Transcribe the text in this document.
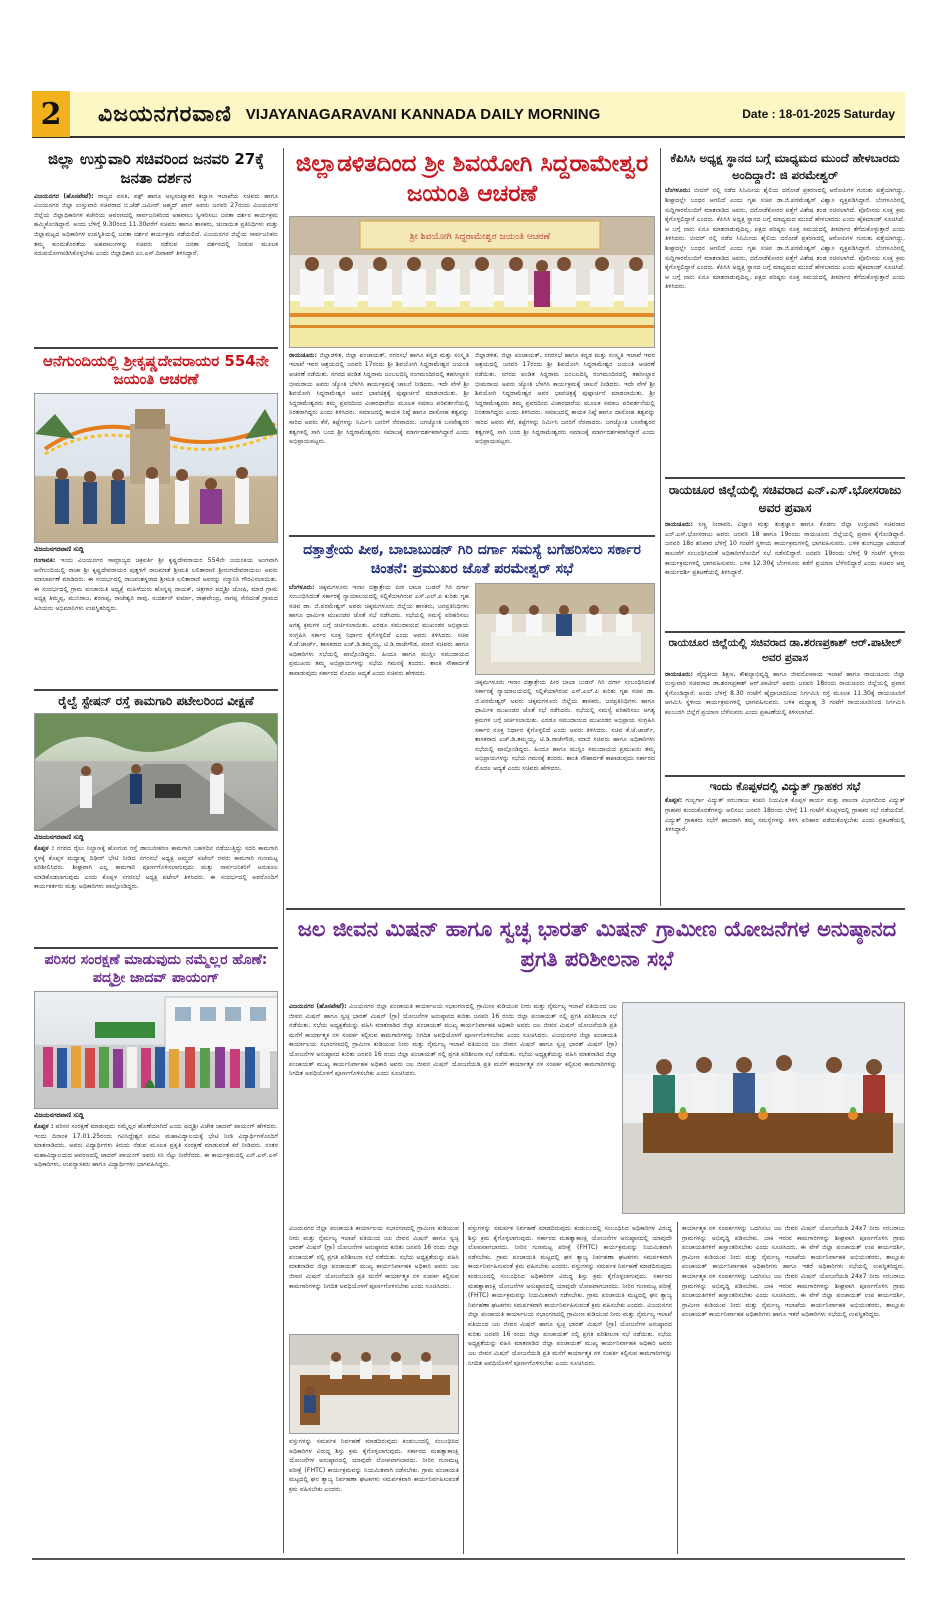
2	ವಿಜಯನಗರವಾಣಿ VIJAYANAGARAVANI KANNADA DAILY MORNING	Date : 18-01-2025 Saturday
ಜಿಲ್ಲಾ ಉಸ್ತುವಾರಿ ಸಚಿವರಿಂದ ಜನವರಿ 27ಕ್ಕೆ ಜನತಾ ದರ್ಶನ
ವಿಜಯನಗರ (ಹೊಸಪೇಟೆ): ರಾಜ್ಯದ ವಸತಿ, ವಕ್ಫ್ ಹಾಗೂ ಅಲ್ಪಸಂಖ್ಯಾತರ ಕಲ್ಯಾಣ ಇಲಾಖೆಯ ಸಚಿವರು ಹಾಗೂ ವಿಜಯನಗರ ಜಿಲ್ಲಾ ಉಸ್ತುವಾರಿ ಸಚಿವರಾದ ಬಿ.ಜೆಡ್.ಜಮೀರ್ ಅಹ್ಮದ್ ಖಾನ್ ಅವರು ಜನವರಿ 27ರಂದು ವಿಜಯನಗರ ಜಿಲ್ಲೆಯ ಜಿಲ್ಲಾಧಿಕಾರಿಗಳ ಕಚೇರಿಯ ಆವರಣದಲ್ಲಿ ಸಾರ್ವಜನಿಕರಿಂದ ಅಹವಾಲು ಸ್ವೀಕರಿಸಲು ಜನತಾ ದರ್ಶನ ಕಾರ್ಯಕ್ರಮ ಹಮ್ಮಿಕೊಂಡಿದ್ದಾರೆ. ಅಂದು ಬೆಳಿಗ್ಗೆ 9.30ರಿಂದ 11.30ವರೆಗೆ ಸಚಿವರು ಹಾಗೂ ಶಾಸಕರು, ಚುನಾಯಿತ ಪ್ರತಿನಿಧಿಗಳು ಮತ್ತು ಜಿಲ್ಲಾಮಟ್ಟದ ಅಧಿಕಾರಿಗಳ ಉಪಸ್ಥಿತಿಯಲ್ಲಿ ಜನತಾ ದರ್ಶನ ಕಾರ್ಯಕ್ರಮ ನಡೆಯಲಿದೆ. ವಿಜಯನಗರ ಜಿಲ್ಲೆಯ ಸಾರ್ವಜನಿಕರು ತಮ್ಮ ಕುಂದುಕೊರತೆಯ ಅಹವಾಲುಗಳನ್ನು ಸಚಿವರು ನಡೆಸುವ ಜನತಾ ದರ್ಶನದಲ್ಲಿ ನೀಡುವ ಮೂಲಕ ಸದುಪಯೋಗಪಡಿಸಿಕೊಳ್ಳಬೇಕು ಎಂದು ಜಿಲ್ಲಾಧಿಕಾರಿ ಎಂ.ಎಸ್.ದಿವಾಕರ್ ತಿಳಿಸಿದ್ದಾರೆ.
ಆನೆಗುಂದಿಯಲ್ಲಿ ಶ್ರೀಕೃಷ್ಣದೇವರಾಯರ 554ನೇ ಜಯಂತಿ ಆಚರಣೆ
ವಿಜಯನಗರವಾಣಿ ಸುದ್ದಿ
ಗಂಗಾವತಿ: ಇಂದು ವಿಜಯನಗರ ಸಾಮ್ರಾಜ್ಯದ ಚಕ್ರವರ್ತಿ ಶ್ರೀ ಕೃಷ್ಣದೇವರಾಯರ 554ನೇ ಜಯಂತಿಯ ಅಂಗವಾಗಿ ಆನೆಗುಂದಿಯಲ್ಲಿ ರಾಜಾ ಶ್ರೀ ಕೃಷ್ಣದೇವರಾಯರ ಪುತ್ಥಳಿಗೆ ರಾಜಮಾತೆ ಶ್ರೀಮತಿ ಲಲಿತಾರಾಣಿ ಶ್ರೀರಂಗದೇವರಾಯಲು ಅವರು ಮಾಲಾರ್ಪಣೆ ಮಾಡಿದರು. ಈ ಸಂದರ್ಭದಲ್ಲಿ ರಾಜವಂಶಸ್ಥರಾದ ಶ್ರೀಮತಿ ಲಲಿತಾರಾಣಿ ಅವರನ್ನು ಸನ್ಮಾನಿಸಿ ಗೌರವಿಸಲಾಯಿತು. ಈ ಸಂದರ್ಭದಲ್ಲಿ ಗ್ರಾಮ ಪಂಚಾಯಿತಿ ಅಧ್ಯಕ್ಷೆ ಮಹಿಳೆಯರು ಹೊನ್ನಪ್ಪ ನಾಯಕ್, ಚಿತ್ರಗಾರ ಪದ್ಮಶ್ರೀ ಜೋಷಿ, ಮಾಜಿ ಗ್ರಾಮ ಅಧ್ಯಕ್ಷ ತಿಮ್ಮಪ್ಪ, ಮುನಿರಾಜ, ಶರಣಪ್ಪ, ರಾಜೇಶ್ವರಿ ರಾವು, ಸುದರ್ಶನ್ ವರ್ಮಾ, ರಾಘವೇಂದ್ರ, ನಾಗಪ್ಪ ಸೇರಿದಂತೆ ಗ್ರಾಮದ ಹಿರಿಯರು ಅಭಿಮಾನಿಗಳು ಉಪಸ್ಥಿತರಿದ್ದರು.
ರೈಲ್ವೆ ಸ್ಟೇಷನ್ ರಸ್ತೆ ಕಾಮಗಾರಿ ಪಟೇಲರಿಂದ ವೀಕ್ಷಣೆ
ವಿಜಯನಗರವಾಣಿ ಸುದ್ದಿ
ಕೊಪ್ಪಳ : ನಗರದ ರೈಲು ನಿಲ್ದಾಣಕ್ಕೆ ಹೋಗುವ ರಸ್ತೆ ಡಾಂಬರೀಕರಣ ಕಾಮಗಾರಿ ಬಹಳದಿನ ನಡೆಯುತ್ತಿದ್ದು ಸದರಿ ಕಾಮಗಾರಿ ಸ್ಥಳಕ್ಕೆ ಕೊಪ್ಪಳ ಮಧ್ಯಾಹ್ನ ದಿಢೀರ್ ಭೇಟಿ ನೀಡಿದ ನಗರಸಭೆ ಅಧ್ಯಕ್ಷ ಅಮ್ಜದ್ ಪಟೇಲ್ ರವರು ಕಾಮಗಾರಿ ಗುಣಮಟ್ಟ ಪರಿಶೀಲಿಸಿದರು. ಶೀಘ್ರವಾಗಿ ಎಲ್ಲ ಕಾಮಗಾರಿ ಪೂರ್ಣಗೊಳಿಸಲಾಗುವುದು ಮತ್ತು ಸಾರ್ವಜನಿಕರಿಗೆ ಅನುಕೂಲ ಮಾಡಿಕೊಡಲಾಗುವುದು ಎಂದು ಕೊಪ್ಪಳ ನಗರಸಭೆ ಅಧ್ಯಕ್ಷ ಪಟೇಲ್ ತಿಳಿಸಿದರು. ಈ ಸಂದರ್ಭದಲ್ಲಿ ಅವರೊಂದಿಗೆ ಕಾರ್ಯಕರ್ತರು ಮತ್ತು ಅಧಿಕಾರಿಗಳು ಪಾಲ್ಗೊಂಡಿದ್ದರು.
ಪರಿಸರ ಸಂರಕ್ಷಣೆ ಮಾಡುವುದು ನಮ್ಮೆಲ್ಲರ ಹೊಣೆ: ಪದ್ಮಶ್ರೀ ಜಾದವ್ ಪಾಯಂಗ್
ವಿಜಯನಗರವಾಣಿ ಸುದ್ದಿ
ಕೊಪ್ಪಳ : ಪರಿಸರ ಸಂರಕ್ಷಣೆ ಮಾಡುವುದು ನಮ್ಮೆಲ್ಲರ ಹೊಣೆಯಾಗಿದೆ ಎಂದು ಪದ್ಮಶ್ರೀ ವಿಜೇತ ಜಾದವ್ ಪಾಯಂಗ್ ಹೇಳಿದರು. ಇಂದು ದಿನಾಂಕ 17.01.25ರಂದು ಗವಿಸಿದ್ದೇಶ್ವರ ಪದವಿ ಮಹಾವಿದ್ಯಾಲಯಕ್ಕೆ ಭೇಟಿ ನೀಡಿ ವಿದ್ಯಾರ್ಥಿಗಳೊಂದಿಗೆ ಮಾತನಾಡಿದರು. ಅವರು ವಿದ್ಯಾರ್ಥಿಗಳು ಕಿರುದು ನೆಡುವ ಮೂಲಕ ಪ್ರಕೃತಿ ಸಂರಕ್ಷಣೆ ಮಾಡುವಂತೆ ಕರೆ ನೀಡಿದರು. ನಂತರ ಮಹಾವಿದ್ಯಾಲಯದ ಆವರಣದಲ್ಲಿ ಜಾದವ್ ಪಾಯಂಗ್ ಅವರು ಸಸಿ ನೆಟ್ಟು ನೀರೆರೆದರು. ಈ ಕಾರ್ಯಕ್ರಮದಲ್ಲಿ ಎನ್.ಎಸ್.ಎಸ್ ಅಧಿಕಾರಿಗಳು, ಉಪನ್ಯಾಸಕರು ಹಾಗೂ ವಿದ್ಯಾರ್ಥಿಗಳು ಭಾಗವಹಿಸಿದ್ದರು.
ಜಿಲ್ಲಾಡಳಿತದಿಂದ ಶ್ರೀ ಶಿವಯೋಗಿ ಸಿದ್ದರಾಮೇಶ್ವರ ಜಯಂತಿ ಆಚರಣೆ
ಶ್ರೀ ಶಿವಯೋಗಿ ಸಿದ್ಧರಾಮೇಶ್ವರ ಜಯಂತಿ ಆಚರಣೆ
ರಾಯಚೂರು: ಜಿಲ್ಲಾಡಳಿತ, ಜಿಲ್ಲಾ ಪಂಚಾಯತ್, ನಗರಸಭೆ ಹಾಗೂ ಕನ್ನಡ ಮತ್ತು ಸಂಸ್ಕೃತಿ ಇಲಾಖೆ ಇವರ ಆಶ್ರಯದಲ್ಲಿ ಜನವರಿ 17ರಂದು ಶ್ರೀ ಶಿವಯೋಗಿ ಸಿದ್ದರಾಮೇಶ್ವರ ಜಯಂತಿ ಆಚರಣೆ ನಡೆಯಿತು. ನಗರದ ಪಂಡಿತ ಸಿದ್ದರಾಮ ಜಂಬಲದಿನ್ನಿ ರಂಗಮಂದಿರದಲ್ಲಿ ತಹಸೀಲ್ದಾರ ಭೀಮರಾಯ ಅವರು ಜ್ಯೋತಿ ಬೆಳಗಿಸಿ ಕಾರ್ಯಕ್ರಮಕ್ಕೆ ಚಾಲನೆ ನೀಡಿದರು. ಇದೇ ವೇಳೆ ಶ್ರೀ ಶಿವಯೋಗಿ ಸಿದ್ದರಾಮೇಶ್ವರ ಅವರ ಭಾವಚಿತ್ರಕ್ಕೆ ಪುಷ್ಪಾರ್ಚನೆ ಮಾಡಲಾಯಿತು. ಶ್ರೀ ಸಿದ್ದರಾಮೇಶ್ವರರು ತಮ್ಮ ಪ್ರವರದಿಂದ ವಿಚಾರಧಾರೆಯ ಮೂಲಕ ಸಮಾಜ ಪರಿವರ್ತನೆಯಲ್ಲಿ ನಿರತರಾಗಿದ್ದರು ಎಂದು ತಿಳಿಸಿದರು. ಸಮಾಜದಲ್ಲಿ ಕಾಯಕ ನಿಷ್ಠೆ ಹಾಗೂ ದಾಸೋಹ ತತ್ವವನ್ನು ಸಾರಿದ ಅವರು ಕೆರೆ, ಕಟ್ಟೆಗಳನ್ನು ನಿರ್ಮಿಸಿ ಜನರಿಗೆ ನೆರವಾದರು. ಜಗಜ್ಯೋತಿ ಬಸವೇಶ್ವರರ ತತ್ವಗಳಲ್ಲಿ ಸಾಗಿ ಬಂದ ಶ್ರೀ ಸಿದ್ದರಾಮೇಶ್ವರರು ಸಮಾಜಕ್ಕೆ ಮಾರ್ಗದರ್ಶಕರಾಗಿದ್ದಾರೆ ಎಂದು ಅಭಿಪ್ರಾಯಪಟ್ಟರು.
ಜಿಲ್ಲಾಡಳಿತ, ಜಿಲ್ಲಾ ಪಂಚಾಯತ್, ನಗರಸಭೆ ಹಾಗೂ ಕನ್ನಡ ಮತ್ತು ಸಂಸ್ಕೃತಿ ಇಲಾಖೆ ಇವರ ಆಶ್ರಯದಲ್ಲಿ ಜನವರಿ 17ರಂದು ಶ್ರೀ ಶಿವಯೋಗಿ ಸಿದ್ದರಾಮೇಶ್ವರ ಜಯಂತಿ ಆಚರಣೆ ನಡೆಯಿತು. ನಗರದ ಪಂಡಿತ ಸಿದ್ದರಾಮ ಜಂಬಲದಿನ್ನಿ ರಂಗಮಂದಿರದಲ್ಲಿ ತಹಸೀಲ್ದಾರ ಭೀಮರಾಯ ಅವರು ಜ್ಯೋತಿ ಬೆಳಗಿಸಿ ಕಾರ್ಯಕ್ರಮಕ್ಕೆ ಚಾಲನೆ ನೀಡಿದರು. ಇದೇ ವೇಳೆ ಶ್ರೀ ಶಿವಯೋಗಿ ಸಿದ್ದರಾಮೇಶ್ವರ ಅವರ ಭಾವಚಿತ್ರಕ್ಕೆ ಪುಷ್ಪಾರ್ಚನೆ ಮಾಡಲಾಯಿತು. ಶ್ರೀ ಸಿದ್ದರಾಮೇಶ್ವರರು ತಮ್ಮ ಪ್ರವರದಿಂದ ವಿಚಾರಧಾರೆಯ ಮೂಲಕ ಸಮಾಜ ಪರಿವರ್ತನೆಯಲ್ಲಿ ನಿರತರಾಗಿದ್ದರು ಎಂದು ತಿಳಿಸಿದರು. ಸಮಾಜದಲ್ಲಿ ಕಾಯಕ ನಿಷ್ಠೆ ಹಾಗೂ ದಾಸೋಹ ತತ್ವವನ್ನು ಸಾರಿದ ಅವರು ಕೆರೆ, ಕಟ್ಟೆಗಳನ್ನು ನಿರ್ಮಿಸಿ ಜನರಿಗೆ ನೆರವಾದರು. ಜಗಜ್ಯೋತಿ ಬಸವೇಶ್ವರರ ತತ್ವಗಳಲ್ಲಿ ಸಾಗಿ ಬಂದ ಶ್ರೀ ಸಿದ್ದರಾಮೇಶ್ವರರು ಸಮಾಜಕ್ಕೆ ಮಾರ್ಗದರ್ಶಕರಾಗಿದ್ದಾರೆ ಎಂದು ಅಭಿಪ್ರಾಯಪಟ್ಟರು.
ದತ್ತಾತ್ರೇಯ ಪೀಠ, ಬಾಬಾಬುಡನ್ ಗಿರಿ ದರ್ಗಾ ಸಮಸ್ಯೆ ಬಗೆಹರಿಸಲು ಸರ್ಕಾರ ಚಿಂತನೆ: ಪ್ರಮುಖರ ಜೊತೆ ಪರಮೇಶ್ವರ್ ಸಭೆ
ಬೆಂಗಳೂರು: ಚಿಕ್ಕಮಗಳೂರು ಇನಾಂ ದತ್ತಾತ್ರೇಯ ಪೀಠ ಬಾಬಾ ಬುಡನ್ ಗಿರಿ ದರ್ಗಾ ಸಂಬಂಧಿಸಿದಂತೆ ಸರ್ಕಾರಕ್ಕೆ ನ್ಯಾಯಾಲಯದಲ್ಲಿ ಸಲ್ಲಿಕೆಯಾಗಿರುವ ಎಸ್.ಎಲ್.ಪಿ ಕುರಿತು ಗೃಹ ಸಚಿವ ಡಾ. ಜಿ.ಪರಮೇಶ್ವರ್ ಅವರು ಚಿಕ್ಕಮಗಳೂರು ಜಿಲ್ಲೆಯ ಶಾಸಕರು, ಜನಪ್ರತಿನಿಧಿಗಳು ಹಾಗೂ ಧಾರ್ಮಿಕ ಮುಖಂಡರ ಜೊತೆ ಸಭೆ ನಡೆಸಿದರು. ಸಭೆಯಲ್ಲಿ ಸಮಸ್ಯೆ ಪರಿಹರಿಸಲು ಅಗತ್ಯ ಕ್ರಮಗಳ ಬಗ್ಗೆ ಚರ್ಚಿಸಲಾಯಿತು. ಎರಡೂ ಸಮುದಾಯದ ಮುಖಂಡರ ಅಭಿಪ್ರಾಯ ಸಂಗ್ರಹಿಸಿ ಸರ್ಕಾರ ಸೂಕ್ತ ನಿರ್ಧಾರ ಕೈಗೊಳ್ಳಲಿದೆ ಎಂದು ಅವರು ತಿಳಿಸಿದರು. ಸಚಿವ ಕೆ.ಜೆ.ಜಾರ್ಜ್, ಶಾಸಕರಾದ ಎಚ್.ಡಿ.ತಮ್ಮಯ್ಯ, ಟಿ.ಡಿ.ರಾಜೇಗೌಡ, ಮಾಜಿ ಸಚಿವರು ಹಾಗೂ ಅಧಿಕಾರಿಗಳು ಸಭೆಯಲ್ಲಿ ಪಾಲ್ಗೊಂಡಿದ್ದರು. ಹಿಂದೂ ಹಾಗೂ ಮುಸ್ಲಿಂ ಸಮುದಾಯದ ಪ್ರಮುಖರು ತಮ್ಮ ಅಭಿಪ್ರಾಯಗಳನ್ನು ಸಭೆಯ ಗಮನಕ್ಕೆ ತಂದರು. ಶಾಂತಿ ಸೌಹಾರ್ದತೆ ಕಾಪಾಡುವುದು ಸರ್ಕಾರದ ಮೊದಲ ಆದ್ಯತೆ ಎಂದು ಸಚಿವರು ಹೇಳಿದರು.
ಚಿಕ್ಕಮಗಳೂರು ಇನಾಂ ದತ್ತಾತ್ರೇಯ ಪೀಠ ಬಾಬಾ ಬುಡನ್ ಗಿರಿ ದರ್ಗಾ ಸಂಬಂಧಿಸಿದಂತೆ ಸರ್ಕಾರಕ್ಕೆ ನ್ಯಾಯಾಲಯದಲ್ಲಿ ಸಲ್ಲಿಕೆಯಾಗಿರುವ ಎಸ್.ಎಲ್.ಪಿ ಕುರಿತು ಗೃಹ ಸಚಿವ ಡಾ. ಜಿ.ಪರಮೇಶ್ವರ್ ಅವರು ಚಿಕ್ಕಮಗಳೂರು ಜಿಲ್ಲೆಯ ಶಾಸಕರು, ಜನಪ್ರತಿನಿಧಿಗಳು ಹಾಗೂ ಧಾರ್ಮಿಕ ಮುಖಂಡರ ಜೊತೆ ಸಭೆ ನಡೆಸಿದರು. ಸಭೆಯಲ್ಲಿ ಸಮಸ್ಯೆ ಪರಿಹರಿಸಲು ಅಗತ್ಯ ಕ್ರಮಗಳ ಬಗ್ಗೆ ಚರ್ಚಿಸಲಾಯಿತು. ಎರಡೂ ಸಮುದಾಯದ ಮುಖಂಡರ ಅಭಿಪ್ರಾಯ ಸಂಗ್ರಹಿಸಿ ಸರ್ಕಾರ ಸೂಕ್ತ ನಿರ್ಧಾರ ಕೈಗೊಳ್ಳಲಿದೆ ಎಂದು ಅವರು ತಿಳಿಸಿದರು. ಸಚಿವ ಕೆ.ಜೆ.ಜಾರ್ಜ್, ಶಾಸಕರಾದ ಎಚ್.ಡಿ.ತಮ್ಮಯ್ಯ, ಟಿ.ಡಿ.ರಾಜೇಗೌಡ, ಮಾಜಿ ಸಚಿವರು ಹಾಗೂ ಅಧಿಕಾರಿಗಳು ಸಭೆಯಲ್ಲಿ ಪಾಲ್ಗೊಂಡಿದ್ದರು. ಹಿಂದೂ ಹಾಗೂ ಮುಸ್ಲಿಂ ಸಮುದಾಯದ ಪ್ರಮುಖರು ತಮ್ಮ ಅಭಿಪ್ರಾಯಗಳನ್ನು ಸಭೆಯ ಗಮನಕ್ಕೆ ತಂದರು. ಶಾಂತಿ ಸೌಹಾರ್ದತೆ ಕಾಪಾಡುವುದು ಸರ್ಕಾರದ ಮೊದಲ ಆದ್ಯತೆ ಎಂದು ಸಚಿವರು ಹೇಳಿದರು.
ಕೆಪಿಸಿಸಿ ಅಧ್ಯಕ್ಷ ಸ್ಥಾನದ ಬಗ್ಗೆ ಮಾಧ್ಯಮದ ಮುಂದೆ ಹೇಳಬಾರದು ಅಂದಿದ್ದಾರೆ: ಜಿ ಪರಮೇಶ್ವರ್
ಬೆಂಗಳೂರು: ಬೀದರ್ ನಲ್ಲಿ ನಡೆದ ಸಿನಿಮೀಯ ಶೈಲಿಯ ದರೋಡೆ ಪ್ರಕರಣದಲ್ಲಿ ಆರೋಪಿಗಳ ಗುರುತು ಪತ್ತೆಯಾಗಿದ್ದು, ಶೀಘ್ರದಲ್ಲೇ ಬಂಧನ ಆಗಲಿದೆ ಎಂದು ಗೃಹ ಸಚಿವ ಡಾ.ಜಿ.ಪರಮೇಶ್ವರ್ ವಿಶ್ವಾಸ ವ್ಯಕ್ತಪಡಿಸಿದ್ದಾರೆ. ಬೆಂಗಳೂರಿನಲ್ಲಿ ಸುದ್ದಿಗಾರರೊಂದಿಗೆ ಮಾತನಾಡಿದ ಅವರು, ದರೋಡೆಕೋರರ ಪತ್ತೆಗೆ ವಿಶೇಷ ತಂಡ ರಚಿಸಲಾಗಿದೆ. ಪೊಲೀಸರು ಸೂಕ್ತ ಕ್ರಮ ಕೈಗೊಳ್ಳಲಿದ್ದಾರೆ ಎಂದರು. ಕೆಪಿಸಿಸಿ ಅಧ್ಯಕ್ಷ ಸ್ಥಾನದ ಬಗ್ಗೆ ಮಾಧ್ಯಮದ ಮುಂದೆ ಹೇಳಬಾರದು ಎಂದು ಹೈಕಮಾಂಡ್ ಸೂಚಿಸಿದೆ. ಆ ಬಗ್ಗೆ ನಾನು ಏನೂ ಮಾತನಾಡುವುದಿಲ್ಲ. ಪಕ್ಷದ ವರಿಷ್ಠರು ಸೂಕ್ತ ಸಮಯದಲ್ಲಿ ತೀರ್ಮಾನ ತೆಗೆದುಕೊಳ್ಳುತ್ತಾರೆ ಎಂದು ತಿಳಿಸಿದರು. ಬೀದರ್ ನಲ್ಲಿ ನಡೆದ ಸಿನಿಮೀಯ ಶೈಲಿಯ ದರೋಡೆ ಪ್ರಕರಣದಲ್ಲಿ ಆರೋಪಿಗಳ ಗುರುತು ಪತ್ತೆಯಾಗಿದ್ದು, ಶೀಘ್ರದಲ್ಲೇ ಬಂಧನ ಆಗಲಿದೆ ಎಂದು ಗೃಹ ಸಚಿವ ಡಾ.ಜಿ.ಪರಮೇಶ್ವರ್ ವಿಶ್ವಾಸ ವ್ಯಕ್ತಪಡಿಸಿದ್ದಾರೆ. ಬೆಂಗಳೂರಿನಲ್ಲಿ ಸುದ್ದಿಗಾರರೊಂದಿಗೆ ಮಾತನಾಡಿದ ಅವರು, ದರೋಡೆಕೋರರ ಪತ್ತೆಗೆ ವಿಶೇಷ ತಂಡ ರಚಿಸಲಾಗಿದೆ. ಪೊಲೀಸರು ಸೂಕ್ತ ಕ್ರಮ ಕೈಗೊಳ್ಳಲಿದ್ದಾರೆ ಎಂದರು. ಕೆಪಿಸಿಸಿ ಅಧ್ಯಕ್ಷ ಸ್ಥಾನದ ಬಗ್ಗೆ ಮಾಧ್ಯಮದ ಮುಂದೆ ಹೇಳಬಾರದು ಎಂದು ಹೈಕಮಾಂಡ್ ಸೂಚಿಸಿದೆ. ಆ ಬಗ್ಗೆ ನಾನು ಏನೂ ಮಾತನಾಡುವುದಿಲ್ಲ. ಪಕ್ಷದ ವರಿಷ್ಠರು ಸೂಕ್ತ ಸಮಯದಲ್ಲಿ ತೀರ್ಮಾನ ತೆಗೆದುಕೊಳ್ಳುತ್ತಾರೆ ಎಂದು ತಿಳಿಸಿದರು.
ರಾಯಚೂರ ಜಿಲ್ಲೆಯಲ್ಲಿ ಸಚಿವರಾದ ಎನ್.ಎಸ್.ಭೋಸರಾಜು ಅವರ ಪ್ರವಾಸ
ರಾಯಚೂರು: ಸಣ್ಣ ನೀರಾವರಿ, ವಿಜ್ಞಾನ ಮತ್ತು ತಂತ್ರಜ್ಞಾನ ಹಾಗೂ ಕೊಡಗು ಜಿಲ್ಲಾ ಉಸ್ತುವಾರಿ ಸಚಿವರಾದ ಎನ್.ಎಸ್.ಭೋಸರಾಜು ಅವರು ಜನವರಿ 18 ಹಾಗೂ 19ರಂದು ರಾಯಚೂರು ಜಿಲ್ಲೆಯಲ್ಲಿ ಪ್ರವಾಸ ಕೈಗೊಂಡಿದ್ದಾರೆ. ಜನವರಿ 18ರ ಶನಿವಾರ ಬೆಳಿಗ್ಗೆ 10 ಗಂಟೆಗೆ ಸ್ಥಳೀಯ ಕಾರ್ಯಕ್ರಮಗಳಲ್ಲಿ ಭಾಗವಹಿಸುವರು. ಬಳಿಕ ತುಂಗಭದ್ರಾ ಎಡದಂಡೆ ಕಾಲುವೆಗೆ ಸಂಬಂಧಿಸಿದಂತೆ ಅಧಿಕಾರಿಗಳೊಂದಿಗೆ ಸಭೆ ನಡೆಸಲಿದ್ದಾರೆ. ಜನವರಿ 19ರಂದು ಬೆಳಿಗ್ಗೆ 9 ಗಂಟೆಗೆ ಸ್ಥಳೀಯ ಕಾರ್ಯಕ್ರಮಗಳಲ್ಲಿ ಭಾಗವಹಿಸುವರು. ಬಳಿಕ 12.30ಕ್ಕೆ ಬೆಂಗಳೂರು ಕಡೆಗೆ ಪ್ರಯಾಣ ಬೆಳೆಸಲಿದ್ದಾರೆ ಎಂದು ಸಚಿವರ ಆಪ್ತ ಕಾರ್ಯದರ್ಶಿ ಪ್ರಕಟಣೆಯಲ್ಲಿ ತಿಳಿಸಿದ್ದಾರೆ.
ರಾಯಚೂರ ಜಿಲ್ಲೆಯಲ್ಲಿ ಸಚಿವರಾದ ಡಾ.ಶರಣಪ್ರಕಾಶ್ ಆರ್.ಪಾಟೀಲ್ ಅವರ ಪ್ರವಾಸ
ರಾಯಚೂರು: ವೈದ್ಯಕೀಯ ಶಿಕ್ಷಣ, ಕೌಶಲ್ಯಾಭಿವೃದ್ಧಿ ಹಾಗೂ ಜೀವನೋಪಾಯ ಇಲಾಖೆ ಹಾಗೂ ರಾಯಚೂರು ಜಿಲ್ಲಾ ಉಸ್ತುವಾರಿ ಸಚಿವರಾದ ಡಾ.ಶರಣಪ್ರಕಾಶ್ ಆರ್.ಪಾಟೀಲ್ ಅವರು ಜನವರಿ 18ರಂದು ರಾಯಚೂರು ಜಿಲ್ಲೆಯಲ್ಲಿ ಪ್ರವಾಸ ಕೈಗೊಂಡಿದ್ದಾರೆ. ಅಂದು ಬೆಳಿಗ್ಗೆ 8.30 ಗಂಟೆಗೆ ಹೈದ್ರಾಬಾದಿನಿಂದ ನಿರ್ಗಮಿಸಿ ರಸ್ತೆ ಮೂಲಕ 11.30ಕ್ಕೆ ರಾಯಚೂರಿಗೆ ಆಗಮಿಸಿ ಸ್ಥಳೀಯ ಕಾರ್ಯಕ್ರಮಗಳಲ್ಲಿ ಭಾಗವಹಿಸುವರು. ಬಳಿಕ ಮಧ್ಯಾಹ್ನ 3 ಗಂಟೆಗೆ ರಾಯಚೂರಿನಿಂದ ನಿರ್ಗಮಿಸಿ ಕಲಬುರಗಿ ಜಿಲ್ಲೆಗೆ ಪ್ರಯಾಣ ಬೆಳೆಸುವರು ಎಂದು ಪ್ರಕಟಣೆಯಲ್ಲಿ ತಿಳಿಸಲಾಗಿದೆ.
ಇಂದು ಕೊಪ್ಪಳದಲ್ಲಿ ವಿದ್ಯುತ್ ಗ್ರಾಹಕರ ಸಭೆ
ಕೊಪ್ಪಳ: ಗುಲ್ಬರ್ಗಾ ವಿದ್ಯುತ್ ಸರಬರಾಜು ಕಂಪನಿ ನಿಯಮಿತ ಕೊಪ್ಪಳ ಕಾರ್ಯ ಮತ್ತು ಪಾಲನಾ ವಿಭಾಗದಿಂದ ವಿದ್ಯುತ್ ಗ್ರಾಹಕರ ಕುಂದುಕೊರತೆಗಳನ್ನು ಆಲಿಸಲು ಜನವರಿ 18ರಂದು ಬೆಳಿಗ್ಗೆ 11 ಗಂಟೆಗೆ ಕೊಪ್ಪಳದಲ್ಲಿ ಗ್ರಾಹಕರ ಸಭೆ ನಡೆಯಲಿದೆ. ವಿದ್ಯುತ್ ಗ್ರಾಹಕರು ಸಭೆಗೆ ಹಾಜರಾಗಿ ತಮ್ಮ ಸಮಸ್ಯೆಗಳನ್ನು ತಿಳಿಸಿ ಪರಿಹಾರ ಪಡೆದುಕೊಳ್ಳಬೇಕು ಎಂದು ಪ್ರಕಟಣೆಯಲ್ಲಿ ತಿಳಿಸಿದ್ದಾರೆ.
ಜಲ ಜೀವನ ಮಿಷನ್ ಹಾಗೂ ಸ್ವಚ್ಛ ಭಾರತ್ ಮಿಷನ್ ಗ್ರಾಮೀಣ ಯೋಜನೆಗಳ ಅನುಷ್ಠಾನದ ಪ್ರಗತಿ ಪರಿಶೀಲನಾ ಸಭೆ
ವಿಜಯನಗರ (ಹೊಸಪೇಟೆ): ವಿಜಯನಗರ ಜಿಲ್ಲಾ ಪಂಚಾಯತಿ ಕಾರ್ಯಾಲಯ ಸಭಾಂಗಣದಲ್ಲಿ ಗ್ರಾಮೀಣ ಕುಡಿಯುವ ನೀರು ಮತ್ತು ನೈರ್ಮಲ್ಯ ಇಲಾಖೆ ವತಿಯಿಂದ ಜಲ ಜೀವನ ಮಿಷನ್ ಹಾಗೂ ಸ್ವಚ್ಛ ಭಾರತ್ ಮಿಷನ್ (ಗ್ರಾ) ಯೋಜನೆಗಳ ಅನುಷ್ಠಾನದ ಕುರಿತು ಜನವರಿ 16 ರಂದು ಜಿಲ್ಲಾ ಪಂಚಾಯತ್ ನಲ್ಲಿ ಪ್ರಗತಿ ಪರಿಶೀಲನಾ ಸಭೆ ನಡೆಯಿತು. ಸಭೆಯ ಅಧ್ಯಕ್ಷತೆಯನ್ನು ವಹಿಸಿ ಮಾತನಾಡಿದ ಜಿಲ್ಲಾ ಪಂಚಾಯತ್ ಮುಖ್ಯ ಕಾರ್ಯನಿರ್ವಾಹಕ ಅಧಿಕಾರಿ ಅವರು ಜಲ ಜೀವನ ಮಿಷನ್ ಯೋಜನೆಯಡಿ ಪ್ರತಿ ಮನೆಗೆ ಕಾರ್ಯಾತ್ಮಕ ನಳ ಸಂಪರ್ಕ ಕಲ್ಪಿಸುವ ಕಾಮಗಾರಿಗಳನ್ನು ನಿಗದಿತ ಅವಧಿಯೊಳಗೆ ಪೂರ್ಣಗೊಳಿಸಬೇಕು ಎಂದು ಸೂಚಿಸಿದರು. ವಿಜಯನಗರ ಜಿಲ್ಲಾ ಪಂಚಾಯತಿ ಕಾರ್ಯಾಲಯ ಸಭಾಂಗಣದಲ್ಲಿ ಗ್ರಾಮೀಣ ಕುಡಿಯುವ ನೀರು ಮತ್ತು ನೈರ್ಮಲ್ಯ ಇಲಾಖೆ ವತಿಯಿಂದ ಜಲ ಜೀವನ ಮಿಷನ್ ಹಾಗೂ ಸ್ವಚ್ಛ ಭಾರತ್ ಮಿಷನ್ (ಗ್ರಾ) ಯೋಜನೆಗಳ ಅನುಷ್ಠಾನದ ಕುರಿತು ಜನವರಿ 16 ರಂದು ಜಿಲ್ಲಾ ಪಂಚಾಯತ್ ನಲ್ಲಿ ಪ್ರಗತಿ ಪರಿಶೀಲನಾ ಸಭೆ ನಡೆಯಿತು. ಸಭೆಯ ಅಧ್ಯಕ್ಷತೆಯನ್ನು ವಹಿಸಿ ಮಾತನಾಡಿದ ಜಿಲ್ಲಾ ಪಂಚಾಯತ್ ಮುಖ್ಯ ಕಾರ್ಯನಿರ್ವಾಹಕ ಅಧಿಕಾರಿ ಅವರು ಜಲ ಜೀವನ ಮಿಷನ್ ಯೋಜನೆಯಡಿ ಪ್ರತಿ ಮನೆಗೆ ಕಾರ್ಯಾತ್ಮಕ ನಳ ಸಂಪರ್ಕ ಕಲ್ಪಿಸುವ ಕಾಮಗಾರಿಗಳನ್ನು ನಿಗದಿತ ಅವಧಿಯೊಳಗೆ ಪೂರ್ಣಗೊಳಿಸಬೇಕು ಎಂದು ಸೂಚಿಸಿದರು.
ವಿಜಯನಗರ ಜಿಲ್ಲಾ ಪಂಚಾಯತಿ ಕಾರ್ಯಾಲಯ ಸಭಾಂಗಣದಲ್ಲಿ ಗ್ರಾಮೀಣ ಕುಡಿಯುವ ನೀರು ಮತ್ತು ನೈರ್ಮಲ್ಯ ಇಲಾಖೆ ವತಿಯಿಂದ ಜಲ ಜೀವನ ಮಿಷನ್ ಹಾಗೂ ಸ್ವಚ್ಛ ಭಾರತ್ ಮಿಷನ್ (ಗ್ರಾ) ಯೋಜನೆಗಳ ಅನುಷ್ಠಾನದ ಕುರಿತು ಜನವರಿ 16 ರಂದು ಜಿಲ್ಲಾ ಪಂಚಾಯತ್ ನಲ್ಲಿ ಪ್ರಗತಿ ಪರಿಶೀಲನಾ ಸಭೆ ನಡೆಯಿತು. ಸಭೆಯ ಅಧ್ಯಕ್ಷತೆಯನ್ನು ವಹಿಸಿ ಮಾತನಾಡಿದ ಜಿಲ್ಲಾ ಪಂಚಾಯತ್ ಮುಖ್ಯ ಕಾರ್ಯನಿರ್ವಾಹಕ ಅಧಿಕಾರಿ ಅವರು ಜಲ ಜೀವನ ಮಿಷನ್ ಯೋಜನೆಯಡಿ ಪ್ರತಿ ಮನೆಗೆ ಕಾರ್ಯಾತ್ಮಕ ನಳ ಸಂಪರ್ಕ ಕಲ್ಪಿಸುವ ಕಾಮಗಾರಿಗಳನ್ನು ನಿಗದಿತ ಅವಧಿಯೊಳಗೆ ಪೂರ್ಣಗೊಳಿಸಬೇಕು ಎಂದು ಸೂಚಿಸಿದರು.
ವಸ್ತುಗಳನ್ನು ಸಮರ್ಪಕ ನಿರ್ವಹಣೆ ಮಾಡದಿರುವುದು ಕಂಡುಬಂದಲ್ಲಿ ಸಂಬಂಧಿಸಿದ ಅಧಿಕಾರಿಗಳ ವಿರುದ್ಧ ಶಿಸ್ತು ಕ್ರಮ ಕೈಗೊಳ್ಳಲಾಗುವುದು. ಸರ್ಕಾರದ ಮಹತ್ವಾಕಾಂಕ್ಷಿ ಯೋಜನೆಗಳ ಅನುಷ್ಠಾನದಲ್ಲಿ ಯಾವುದೇ ಲೋಪವಾಗಬಾರದು. ನೀರಿನ ಗುಣಮಟ್ಟ ಪರೀಕ್ಷೆ (FHTC) ಕಾರ್ಯಕ್ರಮವನ್ನು ನಿಯಮಿತವಾಗಿ ನಡೆಸಬೇಕು. ಗ್ರಾಮ ಪಂಚಾಯತಿ ಮಟ್ಟದಲ್ಲಿ ಘನ ತ್ಯಾಜ್ಯ ನಿರ್ವಹಣಾ ಘಟಕಗಳು ಸಮರ್ಪಕವಾಗಿ ಕಾರ್ಯನಿರ್ವಹಿಸುವಂತೆ ಕ್ರಮ ವಹಿಸಬೇಕು ಎಂದರು.
ವಸ್ತುಗಳನ್ನು ಸಮರ್ಪಕ ನಿರ್ವಹಣೆ ಮಾಡದಿರುವುದು ಕಂಡುಬಂದಲ್ಲಿ ಸಂಬಂಧಿಸಿದ ಅಧಿಕಾರಿಗಳ ವಿರುದ್ಧ ಶಿಸ್ತು ಕ್ರಮ ಕೈಗೊಳ್ಳಲಾಗುವುದು. ಸರ್ಕಾರದ ಮಹತ್ವಾಕಾಂಕ್ಷಿ ಯೋಜನೆಗಳ ಅನುಷ್ಠಾನದಲ್ಲಿ ಯಾವುದೇ ಲೋಪವಾಗಬಾರದು. ನೀರಿನ ಗುಣಮಟ್ಟ ಪರೀಕ್ಷೆ (FHTC) ಕಾರ್ಯಕ್ರಮವನ್ನು ನಿಯಮಿತವಾಗಿ ನಡೆಸಬೇಕು. ಗ್ರಾಮ ಪಂಚಾಯತಿ ಮಟ್ಟದಲ್ಲಿ ಘನ ತ್ಯಾಜ್ಯ ನಿರ್ವಹಣಾ ಘಟಕಗಳು ಸಮರ್ಪಕವಾಗಿ ಕಾರ್ಯನಿರ್ವಹಿಸುವಂತೆ ಕ್ರಮ ವಹಿಸಬೇಕು ಎಂದರು. ವಸ್ತುಗಳನ್ನು ಸಮರ್ಪಕ ನಿರ್ವಹಣೆ ಮಾಡದಿರುವುದು ಕಂಡುಬಂದಲ್ಲಿ ಸಂಬಂಧಿಸಿದ ಅಧಿಕಾರಿಗಳ ವಿರುದ್ಧ ಶಿಸ್ತು ಕ್ರಮ ಕೈಗೊಳ್ಳಲಾಗುವುದು. ಸರ್ಕಾರದ ಮಹತ್ವಾಕಾಂಕ್ಷಿ ಯೋಜನೆಗಳ ಅನುಷ್ಠಾನದಲ್ಲಿ ಯಾವುದೇ ಲೋಪವಾಗಬಾರದು. ನೀರಿನ ಗುಣಮಟ್ಟ ಪರೀಕ್ಷೆ (FHTC) ಕಾರ್ಯಕ್ರಮವನ್ನು ನಿಯಮಿತವಾಗಿ ನಡೆಸಬೇಕು. ಗ್ರಾಮ ಪಂಚಾಯತಿ ಮಟ್ಟದಲ್ಲಿ ಘನ ತ್ಯಾಜ್ಯ ನಿರ್ವಹಣಾ ಘಟಕಗಳು ಸಮರ್ಪಕವಾಗಿ ಕಾರ್ಯನಿರ್ವಹಿಸುವಂತೆ ಕ್ರಮ ವಹಿಸಬೇಕು ಎಂದರು. ವಿಜಯನಗರ ಜಿಲ್ಲಾ ಪಂಚಾಯತಿ ಕಾರ್ಯಾಲಯ ಸಭಾಂಗಣದಲ್ಲಿ ಗ್ರಾಮೀಣ ಕುಡಿಯುವ ನೀರು ಮತ್ತು ನೈರ್ಮಲ್ಯ ಇಲಾಖೆ ವತಿಯಿಂದ ಜಲ ಜೀವನ ಮಿಷನ್ ಹಾಗೂ ಸ್ವಚ್ಛ ಭಾರತ್ ಮಿಷನ್ (ಗ್ರಾ) ಯೋಜನೆಗಳ ಅನುಷ್ಠಾನದ ಕುರಿತು ಜನವರಿ 16 ರಂದು ಜಿಲ್ಲಾ ಪಂಚಾಯತ್ ನಲ್ಲಿ ಪ್ರಗತಿ ಪರಿಶೀಲನಾ ಸಭೆ ನಡೆಯಿತು. ಸಭೆಯ ಅಧ್ಯಕ್ಷತೆಯನ್ನು ವಹಿಸಿ ಮಾತನಾಡಿದ ಜಿಲ್ಲಾ ಪಂಚಾಯತ್ ಮುಖ್ಯ ಕಾರ್ಯನಿರ್ವಾಹಕ ಅಧಿಕಾರಿ ಅವರು ಜಲ ಜೀವನ ಮಿಷನ್ ಯೋಜನೆಯಡಿ ಪ್ರತಿ ಮನೆಗೆ ಕಾರ್ಯಾತ್ಮಕ ನಳ ಸಂಪರ್ಕ ಕಲ್ಪಿಸುವ ಕಾಮಗಾರಿಗಳನ್ನು ನಿಗದಿತ ಅವಧಿಯೊಳಗೆ ಪೂರ್ಣಗೊಳಿಸಬೇಕು ಎಂದು ಸೂಚಿಸಿದರು.
ಕಾರ್ಯಾತ್ಮಕ ನಳ ಸಂಪರ್ಕಗಳನ್ನು ಒದಗಿಸಲು ಜಲ ಜೀವನ ಮಿಷನ್ ಯೋಜನೆಯಡಿ 24x7 ನೀರು ಸರಬರಾಜು ಗ್ರಾಮಗಳನ್ನು ಅಭಿವೃದ್ಧಿ ಪಡಿಸಬೇಕು. ಬಾಕಿ ಇರುವ ಕಾಮಗಾರಿಗಳನ್ನು ಶೀಘ್ರವಾಗಿ ಪೂರ್ಣಗೊಳಿಸಿ ಗ್ರಾಮ ಪಂಚಾಯತಿಗಳಿಗೆ ಹಸ್ತಾಂತರಿಸಬೇಕು ಎಂದು ಸೂಚಿಸಿದರು. ಈ ವೇಳೆ ಜಿಲ್ಲಾ ಪಂಚಾಯತ್ ಉಪ ಕಾರ್ಯದರ್ಶಿ, ಗ್ರಾಮೀಣ ಕುಡಿಯುವ ನೀರು ಮತ್ತು ನೈರ್ಮಲ್ಯ ಇಲಾಖೆಯ ಕಾರ್ಯನಿರ್ವಾಹಕ ಅಭಿಯಂತರರು, ತಾಲ್ಲೂಕು ಪಂಚಾಯತ್ ಕಾರ್ಯನಿರ್ವಾಹಕ ಅಧಿಕಾರಿಗಳು ಹಾಗೂ ಇತರೆ ಅಧಿಕಾರಿಗಳು ಸಭೆಯಲ್ಲಿ ಉಪಸ್ಥಿತರಿದ್ದರು. ಕಾರ್ಯಾತ್ಮಕ ನಳ ಸಂಪರ್ಕಗಳನ್ನು ಒದಗಿಸಲು ಜಲ ಜೀವನ ಮಿಷನ್ ಯೋಜನೆಯಡಿ 24x7 ನೀರು ಸರಬರಾಜು ಗ್ರಾಮಗಳನ್ನು ಅಭಿವೃದ್ಧಿ ಪಡಿಸಬೇಕು. ಬಾಕಿ ಇರುವ ಕಾಮಗಾರಿಗಳನ್ನು ಶೀಘ್ರವಾಗಿ ಪೂರ್ಣಗೊಳಿಸಿ ಗ್ರಾಮ ಪಂಚಾಯತಿಗಳಿಗೆ ಹಸ್ತಾಂತರಿಸಬೇಕು ಎಂದು ಸೂಚಿಸಿದರು. ಈ ವೇಳೆ ಜಿಲ್ಲಾ ಪಂಚಾಯತ್ ಉಪ ಕಾರ್ಯದರ್ಶಿ, ಗ್ರಾಮೀಣ ಕುಡಿಯುವ ನೀರು ಮತ್ತು ನೈರ್ಮಲ್ಯ ಇಲಾಖೆಯ ಕಾರ್ಯನಿರ್ವಾಹಕ ಅಭಿಯಂತರರು, ತಾಲ್ಲೂಕು ಪಂಚಾಯತ್ ಕಾರ್ಯನಿರ್ವಾಹಕ ಅಧಿಕಾರಿಗಳು ಹಾಗೂ ಇತರೆ ಅಧಿಕಾರಿಗಳು ಸಭೆಯಲ್ಲಿ ಉಪಸ್ಥಿತರಿದ್ದರು.
